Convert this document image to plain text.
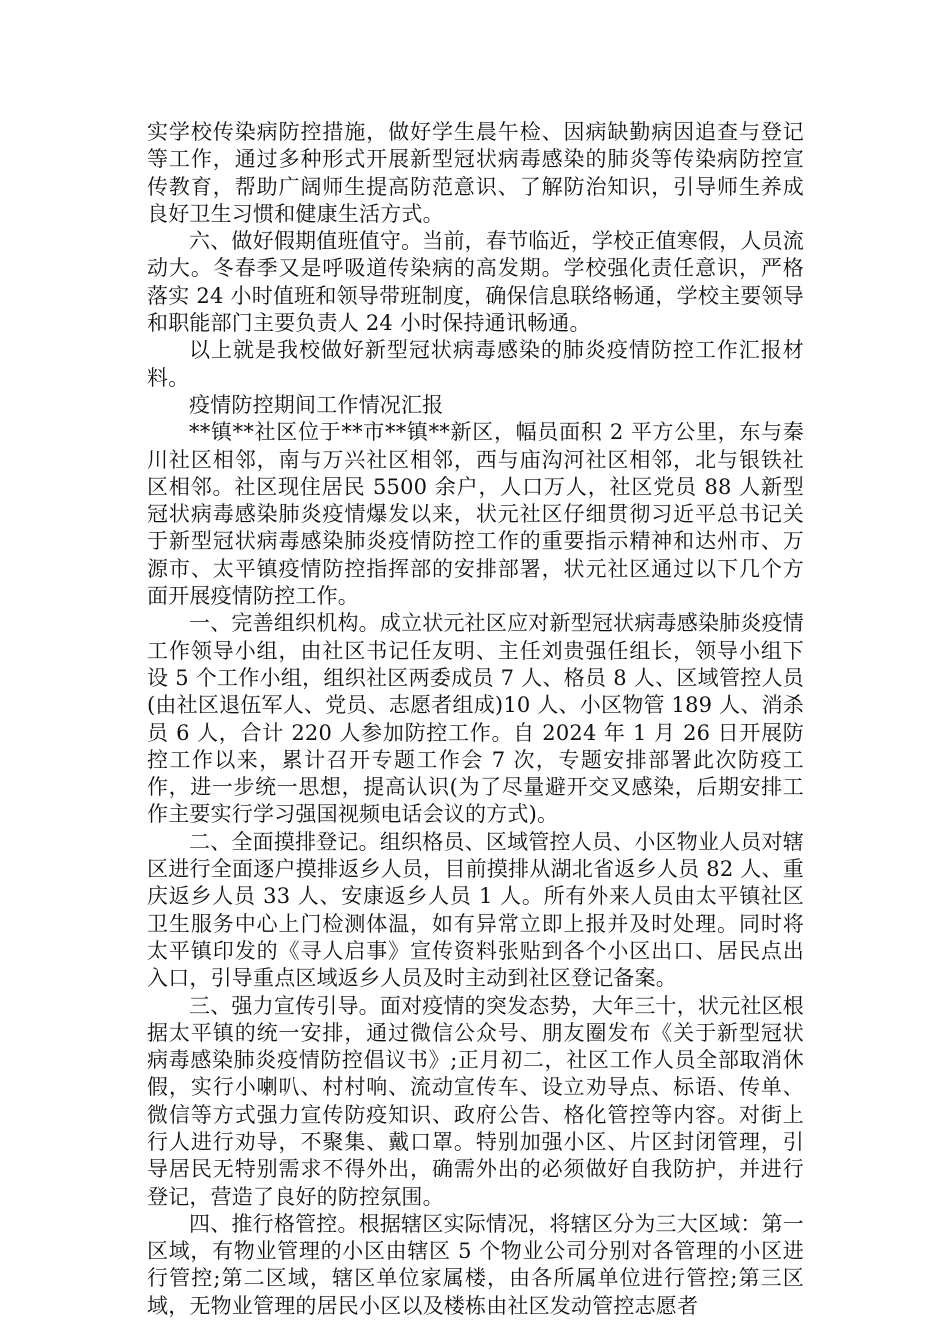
实学校传染病防控措施，做好学生晨午检、因病缺勤病因追查与登记等工作，通过多种形式开展新型冠状病毒感染的肺炎等传染病防控宣传教育，帮助广阔师生提高防范意识、了解防治知识，引导师生养成良好卫生习惯和健康生活方式。

六、做好假期值班值守。当前，春节临近，学校正值寒假，人员流动大。冬春季又是呼吸道传染病的高发期。学校强化责任意识，严格落实 24 小时值班和领导带班制度，确保信息联络畅通，学校主要领导和职能部门主要负责人 24 小时保持通讯畅通。

以上就是我校做好新型冠状病毒感染的肺炎疫情防控工作汇报材料。

疫情防控期间工作情况汇报

**镇**社区位于**市**镇**新区，幅员面积 2 平方公里，东与秦川社区相邻，南与万兴社区相邻，西与庙沟河社区相邻，北与银铁社区相邻。社区现住居民 5500 余户，人口万人，社区党员 88 人新型冠状病毒感染肺炎疫情爆发以来，状元社区仔细贯彻习近平总书记关于新型冠状病毒感染肺炎疫情防控工作的重要指示精神和达州市、万源市、太平镇疫情防控指挥部的安排部署，状元社区通过以下几个方面开展疫情防控工作。

一、完善组织机构。成立状元社区应对新型冠状病毒感染肺炎疫情工作领导小组，由社区书记任友明、主任刘贵强任组长，领导小组下设 5 个工作小组，组织社区两委成员 7 人、格员 8 人、区域管控人员(由社区退伍军人、党员、志愿者组成)10 人、小区物管 189 人、消杀员 6 人，合计 220 人参加防控工作。自 2024 年 1 月 26 日开展防控工作以来，累计召开专题工作会 7 次，专题安排部署此次防疫工作，进一步统一思想，提高认识(为了尽量避开交叉感染，后期安排工作主要实行学习强国视频电话会议的方式)。

二、全面摸排登记。组织格员、区域管控人员、小区物业人员对辖区进行全面逐户摸排返乡人员，目前摸排从湖北省返乡人员 82 人、重庆返乡人员 33 人、安康返乡人员 1 人。所有外来人员由太平镇社区卫生服务中心上门检测体温，如有异常立即上报并及时处理。同时将太平镇印发的《寻人启事》宣传资料张贴到各个小区出口、居民点出入口，引导重点区域返乡人员及时主动到社区登记备案。

三、强力宣传引导。面对疫情的突发态势，大年三十，状元社区根据太平镇的统一安排，通过微信公众号、朋友圈发布《关于新型冠状病毒感染肺炎疫情防控倡议书》;正月初二，社区工作人员全部取消休假，实行小喇叭、村村响、流动宣传车、设立劝导点、标语、传单、微信等方式强力宣传防疫知识、政府公告、格化管控等内容。对街上行人进行劝导，不聚集、戴口罩。特别加强小区、片区封闭管理，引导居民无特别需求不得外出，确需外出的必须做好自我防护，并进行登记，营造了良好的防控氛围。

四、推行格管控。根据辖区实际情况，将辖区分为三大区域：第一区域，有物业管理的小区由辖区 5 个物业公司分别对各管理的小区进行管控;第二区域，辖区单位家属楼，由各所属单位进行管控;第三区域，无物业管理的居民小区以及楼栋由社区发动管控志愿者
